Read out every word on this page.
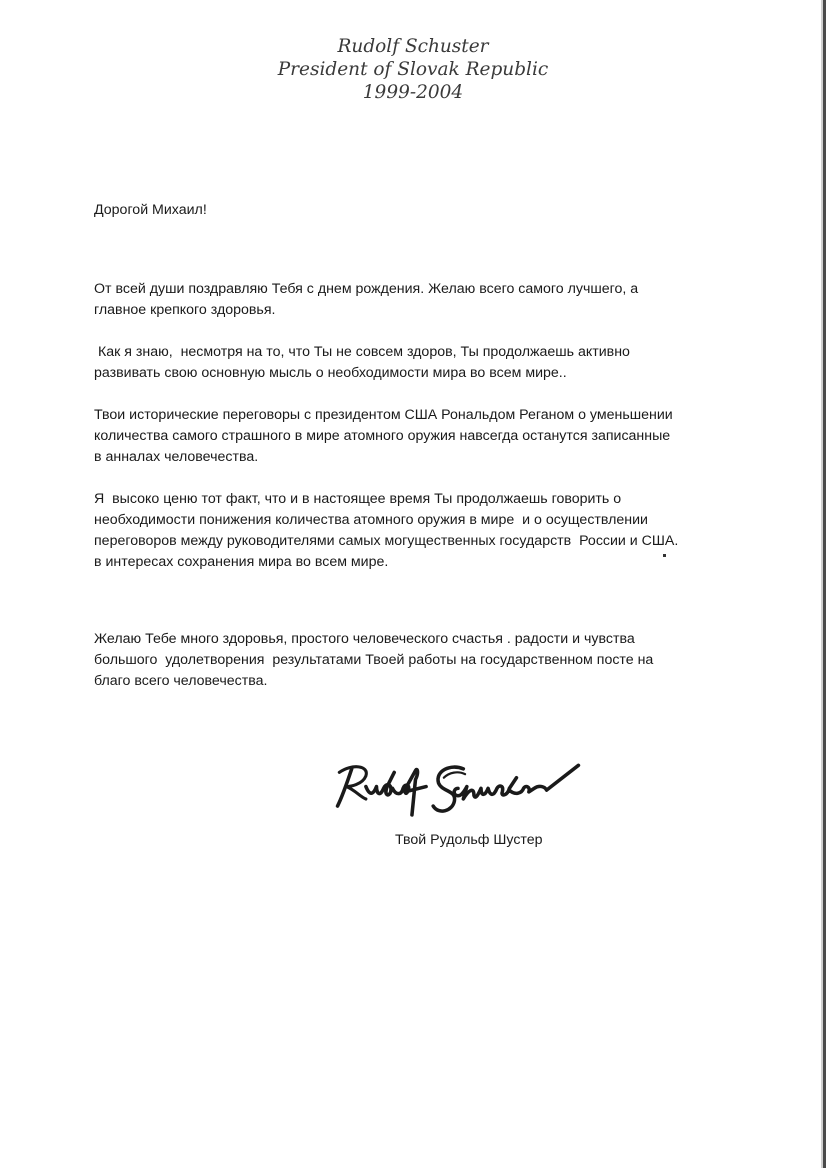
Rudolf Schuster
President of Slovak Republic
1999-2004
Дорогой Михаил!
От всей души поздравляю Тебя с днем рождения. Желаю всего самого лучшего, а
главное крепкого здоровья.
Как я знаю,  несмотря на то, что Ты не совсем здоров, Ты продолжаешь активно
развивать свою основную мысль о необходимости мира во всем мире..
Твои исторические переговоры с президентом США Рональдом Реганом о уменьшении
количества самого страшного в мире атомного оружия навсегда останутся записанные
в анналах человечества.
Я  высоко ценю тот факт, что и в настоящее время Ты продолжаешь говорить о
необходимости понижения количества атомного оружия в мире  и о осуществлении
переговоров между руководителями самых могущественных государств  России и США.
в интересах сохранения мира во всем мире.
Желаю Тебе много здоровья, простого человеческого счастья . радости и чувства
большого  удолетворения  результатами Твоей работы на государственном посте на
благо всего человечества.
Твой Рудольф Шустер
